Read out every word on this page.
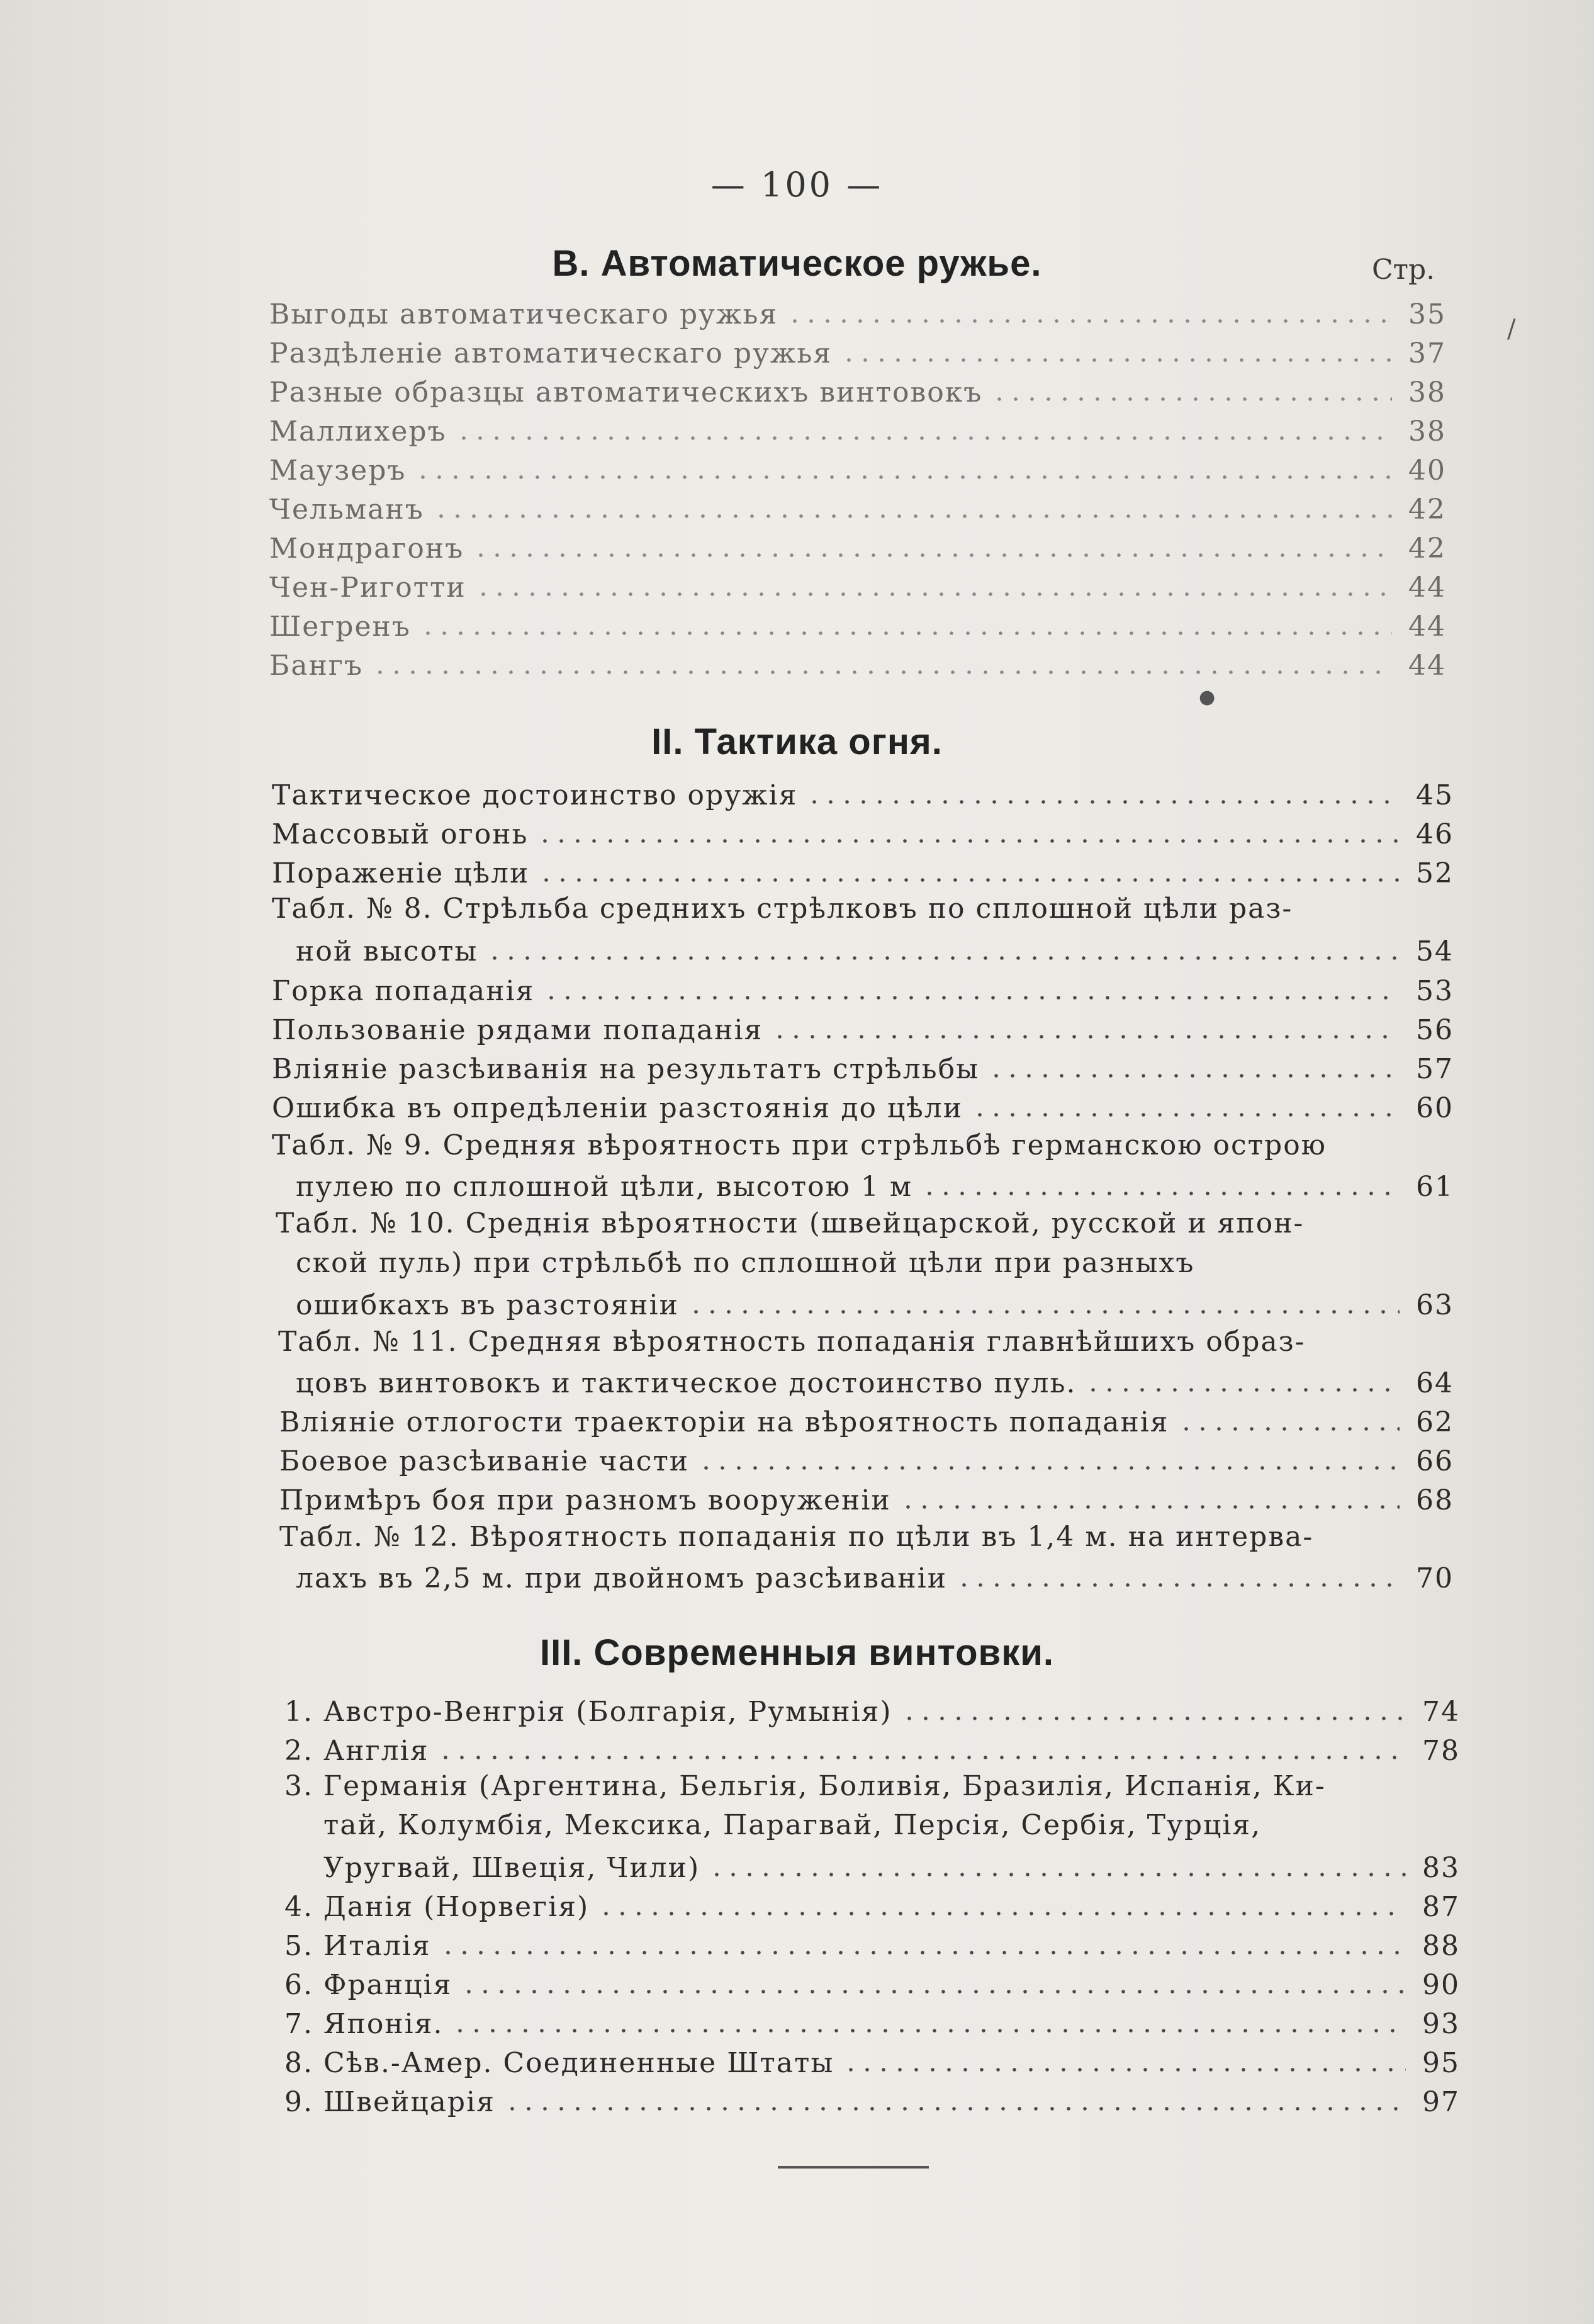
— 100 —
В. Автоматическое ружье.	Стр.
Выгоды автоматическаго ружья	35
Раздѣленіе автоматическаго ружья	37
Разные образцы автоматическихъ винтовокъ	38
Маллихеръ	38
Маузеръ	40
Чельманъ	42
Мондрагонъ	42
Чен-Риготти	44
Шегренъ	44
Бангъ	44
II. Тактика огня.
Тактическое достоинство оружія	45
Массовый огонь	46
Пораженіе цѣли	52
Табл. № 8. Стрѣльба среднихъ стрѣлковъ по сплошной цѣли раз-
ной высоты	54
Горка попаданія	53
Пользованіе рядами попаданія	56
Вліяніе разсѣиванія на результатъ стрѣльбы	57
Ошибка въ опредѣленіи разстоянія до цѣли	60
Табл. № 9. Средняя вѣроятность при стрѣльбѣ германскою острою
пулею по сплошной цѣли, высотою 1 м	61
Табл. № 10. Среднія вѣроятности (швейцарской, русской и япон-
ской пуль) при стрѣльбѣ по сплошной цѣли при разныхъ
ошибкахъ въ разстояніи	63
Табл. № 11. Средняя вѣроятность попаданія главнѣйшихъ образ-
цовъ винтовокъ и тактическое достоинство пуль.	64
Вліяніе отлогости траекторіи на вѣроятность попаданія	62
Боевое разсѣиваніе части	66
Примѣръ боя при разномъ вооруженіи	68
Табл. № 12. Вѣроятность попаданія по цѣли въ 1,4 м. на интерва-
лахъ въ 2,5 м. при двойномъ разсѣиваніи	70
III. Современныя винтовки.
1. Австро-Венгрія (Болгарія, Румынія)	74
2. Англія	78
3. Германія (Аргентина, Бельгія, Боливія, Бразилія, Испанія, Ки-
тай, Колумбія, Мексика, Парагвай, Персія, Сербія, Турція,
Уругвай, Швеція, Чили)	83
4. Данія (Норвегія)	87
5. Италія	88
6. Франція	90
7. Японія.	93
8. Сѣв.-Амер. Соединенные Штаты	95
9. Швейцарія	97
/
●
